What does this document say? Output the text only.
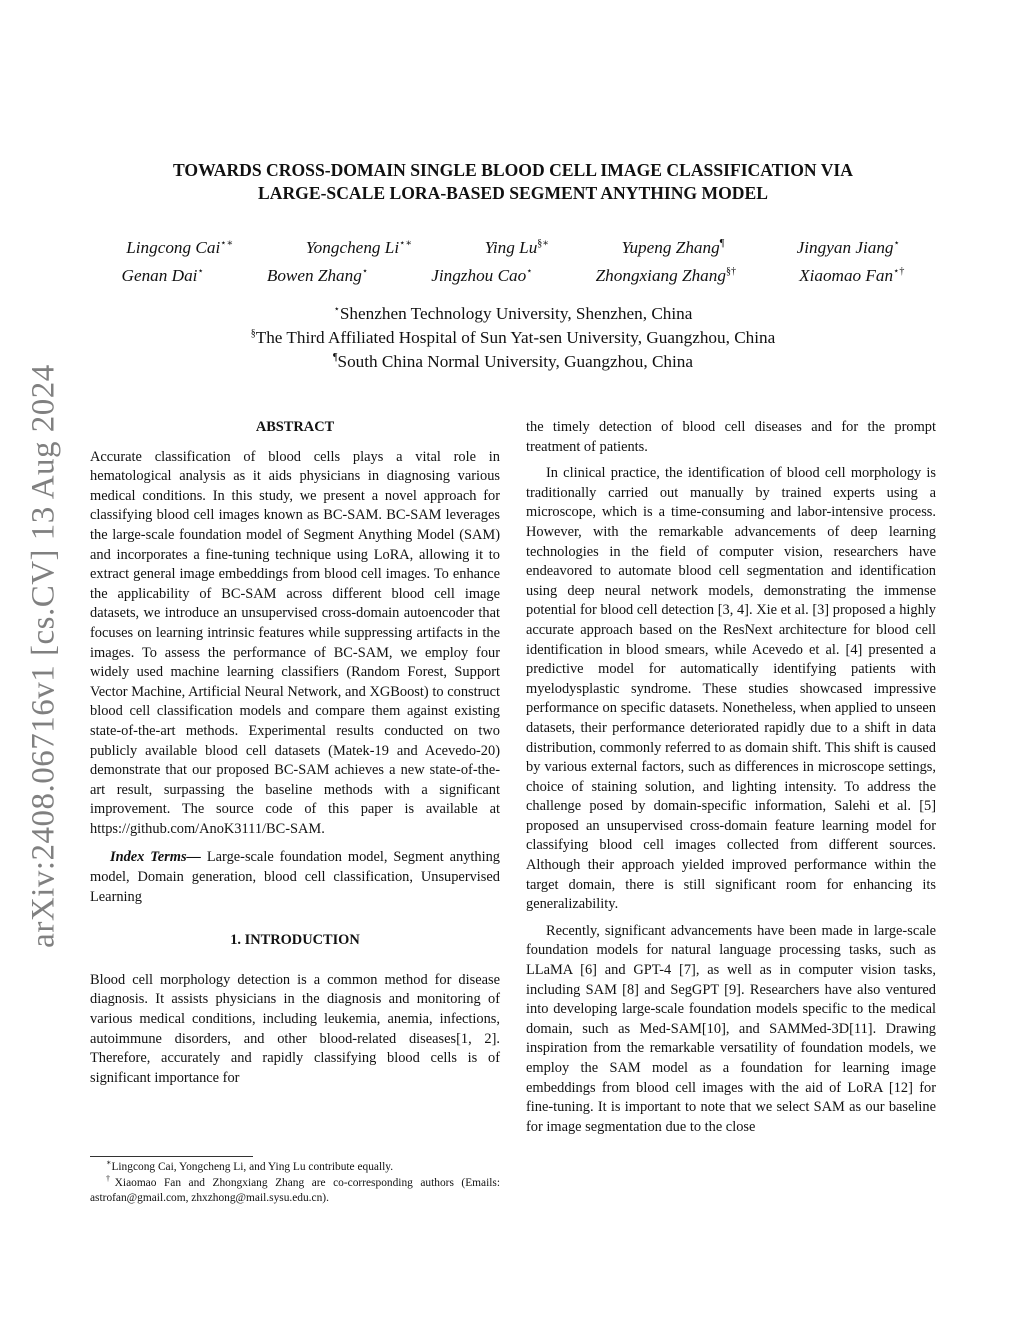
arXiv:2408.06716v1 [cs.CV] 13 Aug 2024
TOWARDS CROSS-DOMAIN SINGLE BLOOD CELL IMAGE CLASSIFICATION VIA
LARGE-SCALE LORA-BASED SEGMENT ANYTHING MODEL
Lingcong Cai⋆∗	Yongcheng Li⋆∗	Ying Lu§∗	Yupeng Zhang¶	Jingyan Jiang⋆
Genan Dai⋆	Bowen Zhang⋆	Jingzhou Cao⋆	Zhongxiang Zhang§†	Xiaomao Fan⋆†
⋆Shenzhen Technology University, Shenzhen, China
§The Third Affiliated Hospital of Sun Yat-sen University, Guangzhou, China
¶South China Normal University, Guangzhou, China
ABSTRACT

Accurate classification of blood cells plays a vital role in hematological analysis as it aids physicians in diagnosing various medical conditions. In this study, we present a novel approach for classifying blood cell images known as BC-SAM. BC-SAM leverages the large-scale foundation model of Segment Anything Model (SAM) and incorporates a fine-tuning technique using LoRA, allowing it to extract general image embeddings from blood cell images. To enhance the applicability of BC-SAM across different blood cell image datasets, we introduce an unsupervised cross-domain autoencoder that focuses on learning intrinsic features while suppressing artifacts in the images. To assess the performance of BC-SAM, we employ four widely used machine learning classifiers (Random Forest, Support Vector Machine, Artificial Neural Network, and XGBoost) to construct blood cell classification models and compare them against existing state-of-the-art methods. Experimental results conducted on two publicly available blood cell datasets (Matek-19 and Acevedo-20) demonstrate that our proposed BC-SAM achieves a new state-of-the-art result, surpassing the baseline methods with a significant improvement. The source code of this paper is available at https://github.com/AnoK3111/BC-SAM.

Index Terms— Large-scale foundation model, Segment anything model, Domain generation, blood cell classification, Unsupervised Learning

1. INTRODUCTION

Blood cell morphology detection is a common method for disease diagnosis. It assists physicians in the diagnosis and monitoring of various medical conditions, including leukemia, anemia, infections, autoimmune disorders, and other blood-related diseases[1, 2]. Therefore, accurately and rapidly classifying blood cells is of significant importance for

∗Lingcong Cai, Yongcheng Li, and Ying Lu contribute equally.

†Xiaomao Fan and Zhongxiang Zhang are co-corresponding authors (Emails: astrofan@gmail.com, zhxzhong@mail.sysu.edu.cn).

the timely detection of blood cell diseases and for the prompt treatment of patients.

In clinical practice, the identification of blood cell morphology is traditionally carried out manually by trained experts using a microscope, which is a time-consuming and labor-intensive process. However, with the remarkable advancements of deep learning technologies in the field of computer vision, researchers have endeavored to automate blood cell segmentation and identification using deep neural network models, demonstrating the immense potential for blood cell detection [3, 4]. Xie et al. [3] proposed a highly accurate approach based on the ResNext architecture for blood cell identification in blood smears, while Acevedo et al. [4] presented a predictive model for automatically identifying patients with myelodysplastic syndrome. These studies showcased impressive performance on specific datasets. Nonetheless, when applied to unseen datasets, their performance deteriorated rapidly due to a shift in data distribution, commonly referred to as domain shift. This shift is caused by various external factors, such as differences in microscope settings, choice of staining solution, and lighting intensity. To address the challenge posed by domain-specific information, Salehi et al. [5] proposed an unsupervised cross-domain feature learning model for classifying blood cell images collected from different sources. Although their approach yielded improved performance within the target domain, there is still significant room for enhancing its generalizability.

Recently, significant advancements have been made in large-scale foundation models for natural language processing tasks, such as LLaMA [6] and GPT-4 [7], as well as in computer vision tasks, including SAM [8] and SegGPT [9]. Researchers have also ventured into developing large-scale foundation models specific to the medical domain, such as Med-SAM[10], and SAMMed-3D[11]. Drawing inspiration from the remarkable versatility of foundation models, we employ the SAM model as a foundation for learning image embeddings from blood cell images with the aid of LoRA [12] for fine-tuning. It is important to note that we select SAM as our baseline for image segmentation due to the close
